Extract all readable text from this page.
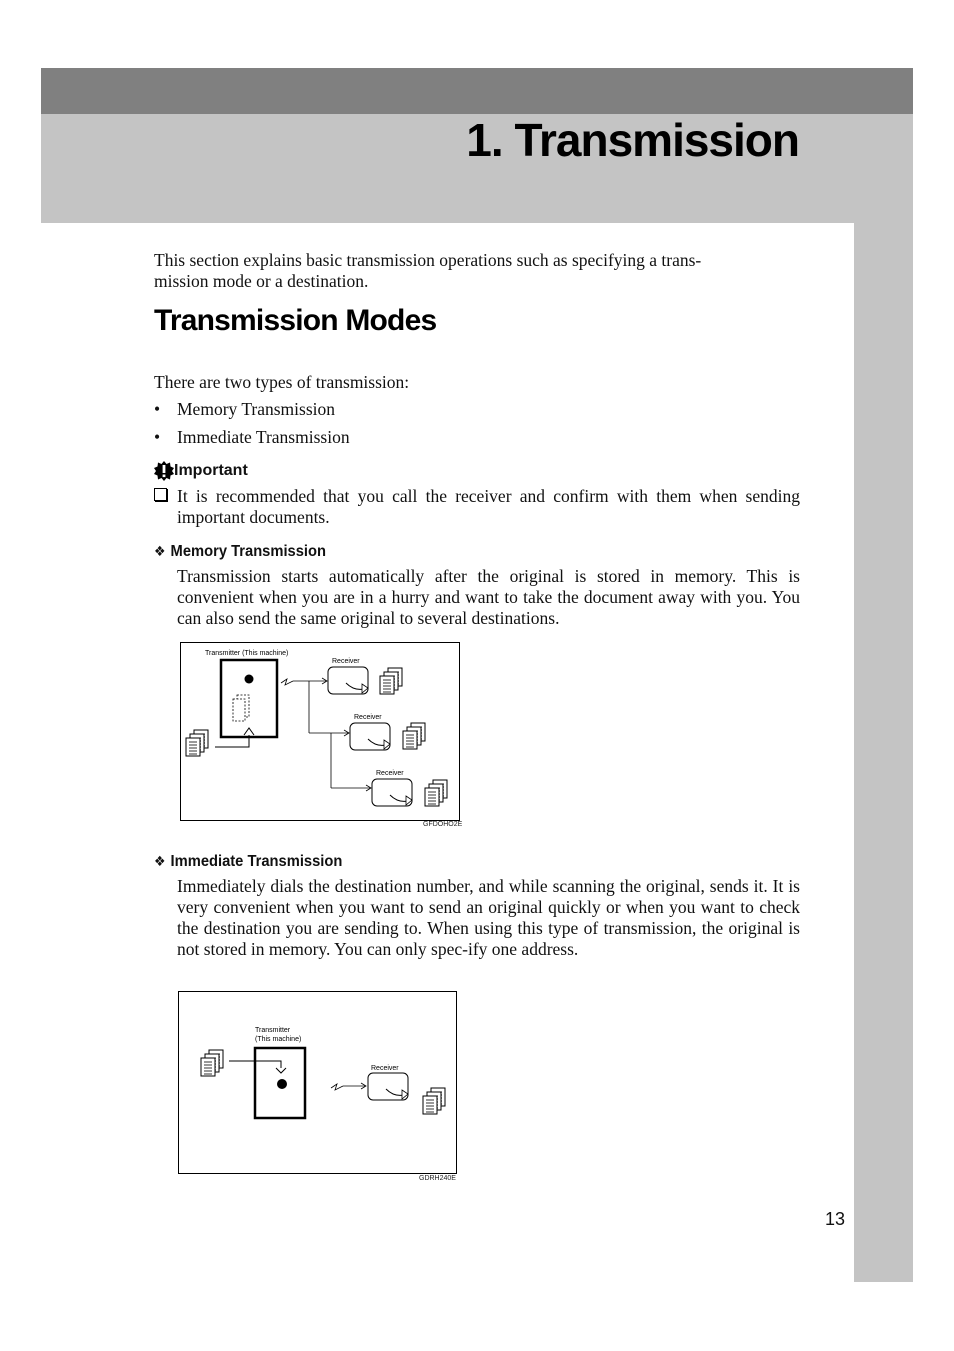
1. Transmission

This section explains basic transmission operations such as specifying a trans-
mission mode or a destination.

Transmission Modes

There are two types of transmission:

• Memory Transmission
• Immediate Transmission
Important

It is recommended that you call the receiver and confirm with them when sending important documents.

❖ Memory Transmission

Transmission starts automatically after the original is stored in memory. This is convenient when you are in a hurry and want to take the document away with you. You can also send the same original to several destinations.

Transmitter (This machine)
Receiver
Receiver
Receiver
GFDOHO2E
❖ Immediate Transmission

Immediately dials the destination number, and while scanning the original, sends it. It is very convenient when you want to send an original quickly or when you want to check the destination you are sending to. When using this type of transmission, the original is not stored in memory. You can only spec-ify one address.

Transmitter
(This machine)
Receiver
GDRH240E
13
